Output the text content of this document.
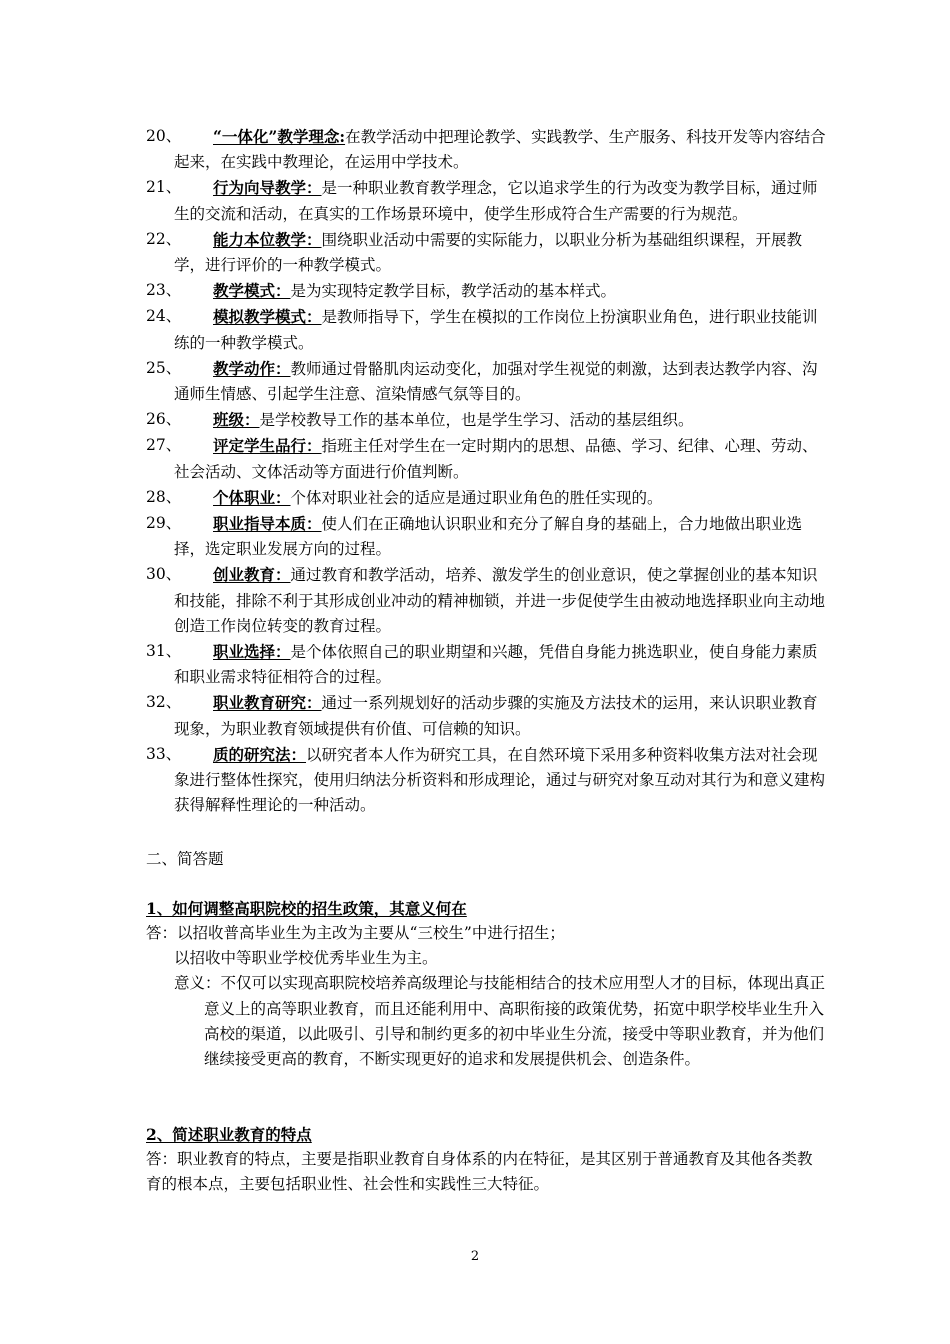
20、	“一体化”教学理念:在教学活动中把理论教学、实践教学、生产服务、科技开发等内容结合起来，在实践中教理论，在运用中学技术。
21、	行为向导教学：是一种职业教育教学理念，它以追求学生的行为改变为教学目标，通过师生的交流和活动，在真实的工作场景环境中，使学生形成符合生产需要的行为规范。
22、	能力本位教学：围绕职业活动中需要的实际能力，以职业分析为基础组织课程，开展教学，进行评价的一种教学模式。
23、	教学模式：是为实现特定教学目标，教学活动的基本样式。
24、	模拟教学模式：是教师指导下，学生在模拟的工作岗位上扮演职业角色，进行职业技能训练的一种教学模式。
25、	教学动作：教师通过骨骼肌肉运动变化，加强对学生视觉的刺激，达到表达教学内容、沟通师生情感、引起学生注意、渲染情感气氛等目的。
26、	班级：是学校教导工作的基本单位，也是学生学习、活动的基层组织。
27、	评定学生品行：指班主任对学生在一定时期内的思想、品德、学习、纪律、心理、劳动、社会活动、文体活动等方面进行价值判断。
28、	个体职业：个体对职业社会的适应是通过职业角色的胜任实现的。
29、	职业指导本质：使人们在正确地认识职业和充分了解自身的基础上，合力地做出职业选择，选定职业发展方向的过程。
30、	创业教育：通过教育和教学活动，培养、激发学生的创业意识，使之掌握创业的基本知识和技能，排除不利于其形成创业冲动的精神枷锁，并进一步促使学生由被动地选择职业向主动地创造工作岗位转变的教育过程。
31、	职业选择：是个体依照自己的职业期望和兴趣，凭借自身能力挑选职业，使自身能力素质和职业需求特征相符合的过程。
32、	职业教育研究：通过一系列规划好的活动步骤的实施及方法技术的运用，来认识职业教育现象，为职业教育领域提供有价值、可信赖的知识。
33、	质的研究法：以研究者本人作为研究工具，在自然环境下采用多种资料收集方法对社会现象进行整体性探究，使用归纳法分析资料和形成理论，通过与研究对象互动对其行为和意义建构获得解释性理论的一种活动。
二、简答题
1、如何调整高职院校的招生政策，其意义何在
答：以招收普高毕业生为主改为主要从“三校生”中进行招生；
以招收中等职业学校优秀毕业生为主。
意义：不仅可以实现高职院校培养高级理论与技能相结合的技术应用型人才的目标，体现出真正意义上的高等职业教育，而且还能利用中、高职衔接的政策优势，拓宽中职学校毕业生升入高校的渠道，以此吸引、引导和制约更多的初中毕业生分流，接受中等职业教育，并为他们继续接受更高的教育，不断实现更好的追求和发展提供机会、创造条件。
2、简述职业教育的特点
答：职业教育的特点，主要是指职业教育自身体系的内在特征，是其区别于普通教育及其他各类教育的根本点，主要包括职业性、社会性和实践性三大特征。
2
